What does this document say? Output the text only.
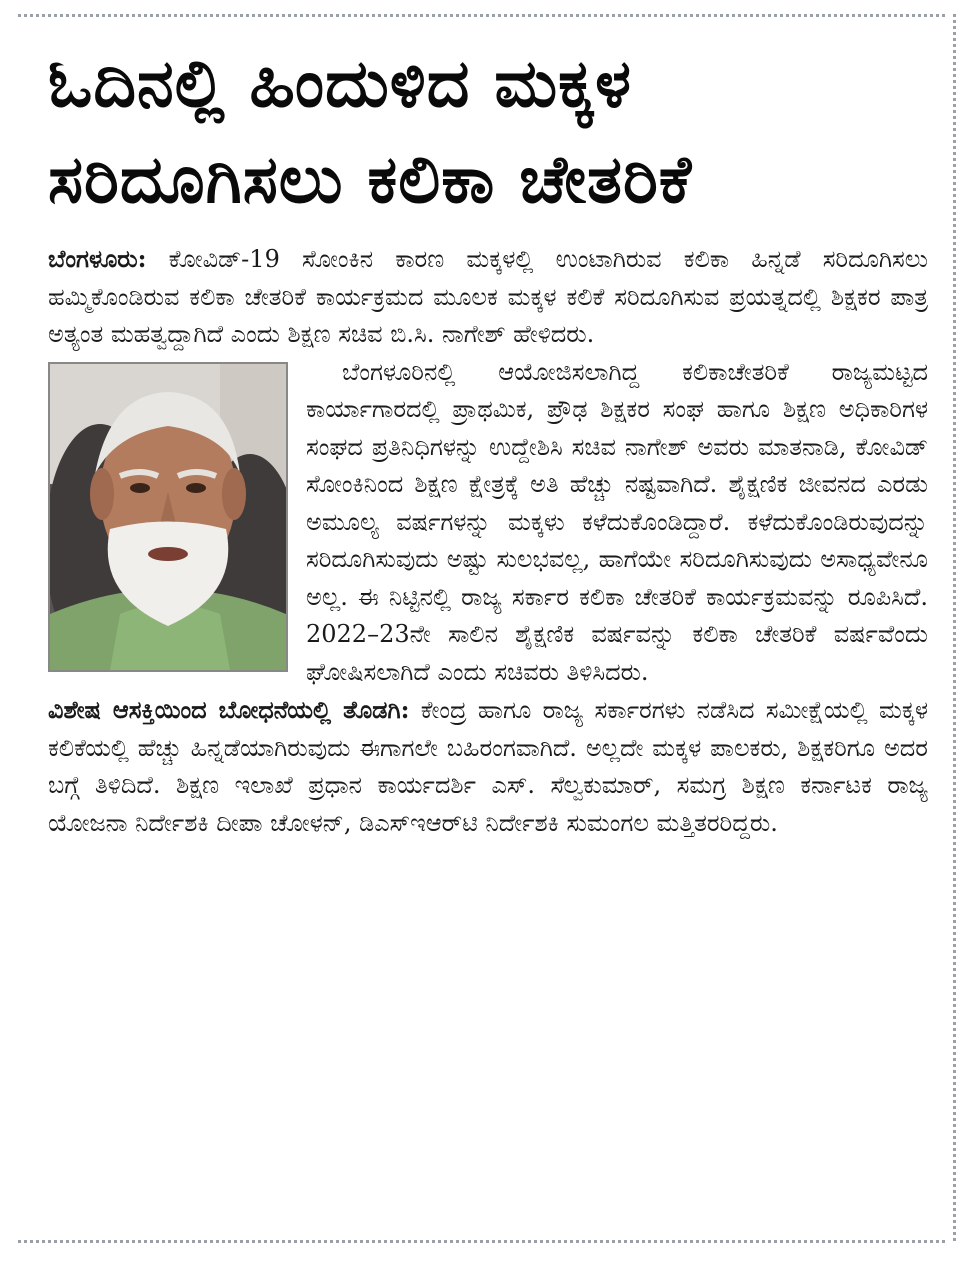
ಓದಿನಲ್ಲಿ ಹಿಂದುಳಿದ ಮಕ್ಕಳ
ಸರಿದೂಗಿಸಲು ಕಲಿಕಾ ಚೇತರಿಕೆ

ಬೆಂಗಳೂರು: ಕೋವಿಡ್‌-19 ಸೋಂಕಿನ ಕಾರಣ ಮಕ್ಕಳಲ್ಲಿ ಉಂಟಾಗಿರುವ ಕಲಿಕಾ ಹಿನ್ನಡೆ ಸರಿದೂಗಿಸಲು ಹಮ್ಮಿಕೊಂಡಿರುವ ಕಲಿಕಾ ಚೇತರಿಕೆ ಕಾರ್ಯಕ್ರಮದ ಮೂಲಕ ಮಕ್ಕಳ ಕಲಿಕೆ ಸರಿದೂಗಿಸುವ ಪ್ರಯತ್ನದಲ್ಲಿ ಶಿಕ್ಷಕರ ಪಾತ್ರ ಅತ್ಯಂತ ಮಹತ್ವದ್ದಾಗಿದೆ ಎಂದು ಶಿಕ್ಷಣ ಸಚಿವ ಬಿ.ಸಿ. ನಾಗೇಶ್‌ ಹೇಳಿದರು.

ಬೆಂಗಳೂರಿನಲ್ಲಿ ಆಯೋಜಿಸಲಾಗಿದ್ದ ಕಲಿಕಾಚೇತರಿಕೆ ರಾಜ್ಯಮಟ್ಟದ ಕಾರ್ಯಾಗಾರದಲ್ಲಿ ಪ್ರಾಥಮಿಕ, ಪ್ರೌಢ ಶಿಕ್ಷಕರ ಸಂಘ ಹಾಗೂ ಶಿಕ್ಷಣ ಅಧಿಕಾರಿಗಳ ಸಂಘದ ಪ್ರತಿನಿಧಿಗಳನ್ನು ಉದ್ದೇಶಿಸಿ ಸಚಿವ ನಾಗೇಶ್‌ ಅವರು ಮಾತನಾಡಿ, ಕೋವಿಡ್‌ ಸೋಂಕಿನಿಂದ ಶಿಕ್ಷಣ ಕ್ಷೇತ್ರಕ್ಕೆ ಅತಿ ಹೆಚ್ಚು ನಷ್ಟವಾಗಿದೆ. ಶೈಕ್ಷಣಿಕ ಜೀವನದ ಎರಡು ಅಮೂಲ್ಯ ವರ್ಷಗಳನ್ನು ಮಕ್ಕಳು ಕಳೆದುಕೊಂಡಿದ್ದಾರೆ. ಕಳೆದುಕೊಂಡಿರುವುದನ್ನು ಸರಿದೂಗಿಸುವುದು ಅಷ್ಟು ಸುಲಭವಲ್ಲ, ಹಾಗೆಯೇ ಸರಿದೂಗಿಸುವುದು ಅಸಾಧ್ಯವೇನೂ ಅಲ್ಲ. ಈ ನಿಟ್ಟಿನಲ್ಲಿ ರಾಜ್ಯ ಸರ್ಕಾರ ಕಲಿಕಾ ಚೇತರಿಕೆ ಕಾರ್ಯಕ್ರಮವನ್ನು ರೂಪಿಸಿದೆ. 2022–23ನೇ ಸಾಲಿನ ಶೈಕ್ಷಣಿಕ ವರ್ಷವನ್ನು ಕಲಿಕಾ ಚೇತರಿಕೆ ವರ್ಷವೆಂದು ಘೋಷಿಸಲಾಗಿದೆ ಎಂದು ಸಚಿವರು ತಿಳಿಸಿದರು.

ವಿಶೇಷ ಆಸಕ್ತಿಯಿಂದ ಬೋಧನೆಯಲ್ಲಿ ತೊಡಗಿ: ಕೇಂದ್ರ ಹಾಗೂ ರಾಜ್ಯ ಸರ್ಕಾರಗಳು ನಡೆಸಿದ ಸಮೀಕ್ಷೆಯಲ್ಲಿ ಮಕ್ಕಳ ಕಲಿಕೆಯಲ್ಲಿ ಹೆಚ್ಚು ಹಿನ್ನಡೆಯಾಗಿರುವುದು ಈಗಾಗಲೇ ಬಹಿರಂಗವಾಗಿದೆ. ಅಲ್ಲದೇ ಮಕ್ಕಳ ಪಾಲಕರು, ಶಿಕ್ಷಕರಿಗೂ ಅದರ ಬಗ್ಗೆ ತಿಳಿದಿದೆ. ಶಿಕ್ಷಣ ಇಲಾಖೆ ಪ್ರಧಾನ ಕಾರ್ಯದರ್ಶಿ ಎಸ್‌. ಸೆಲ್ವಕುಮಾರ್‌, ಸಮಗ್ರ ಶಿಕ್ಷಣ ಕರ್ನಾಟಕ ರಾಜ್ಯ ಯೋಜನಾ ನಿರ್ದೇಶಕಿ ದೀಪಾ ಚೋಳನ್‌, ಡಿಎಸ್‌ಇಆರ್‌ಟಿ ನಿರ್ದೇಶಕಿ ಸುಮಂಗಲ ಮತ್ತಿತರರಿದ್ದರು.
